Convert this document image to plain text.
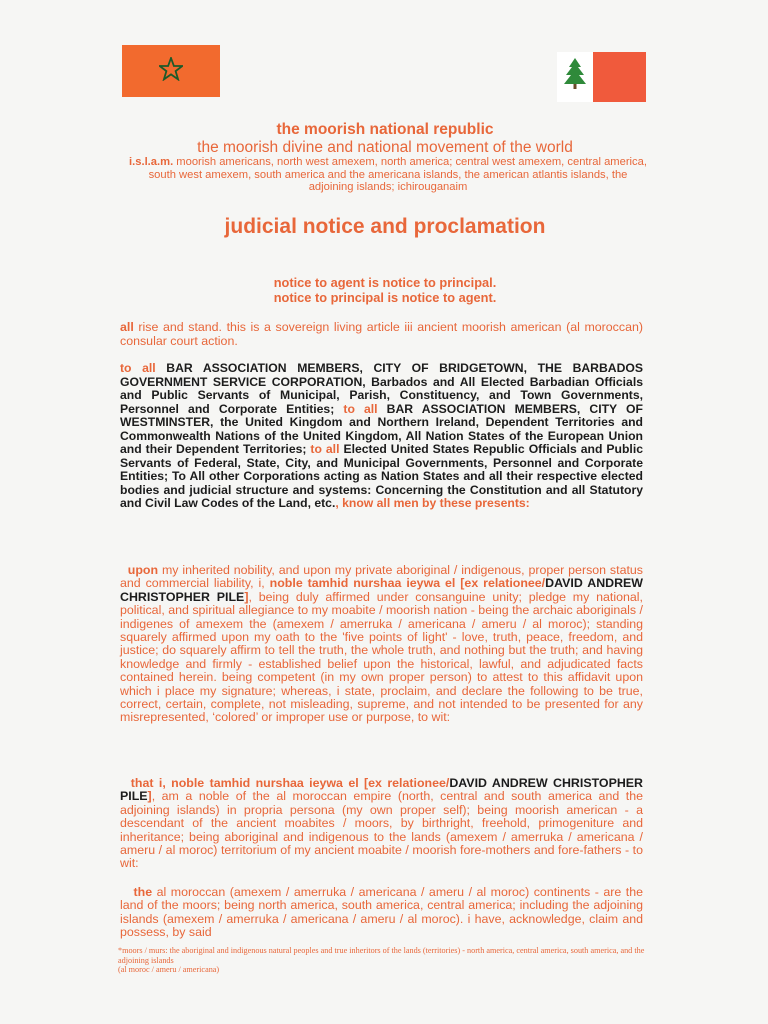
the moorish national republic
the moorish divine and national movement of the world
i.s.l.a.m. moorish americans, north west amexem, north america; central west amexem, central america, south west amexem, south america and the americana islands, the american atlantis islands, the adjoining islands; ichirouganaim
judicial notice and proclamation
notice to agent is notice to principal.
notice to principal is notice to agent.
all rise and stand. this is a sovereign living article iii ancient moorish american (al moroccan) consular court action.
to all BAR ASSOCIATION MEMBERS, CITY OF BRIDGETOWN, THE BARBADOS GOVERNMENT SERVICE CORPORATION, Barbados and All Elected Barbadian Officials and Public Servants of Municipal, Parish, Constituency, and Town Governments, Personnel and Corporate Entities; to all BAR ASSOCIATION MEMBERS, CITY OF WESTMINSTER, the United Kingdom and Northern Ireland, Dependent Territories and Commonwealth Nations of the United Kingdom, All Nation States of the European Union and their Dependent Territories; to all Elected United States Republic Officials and Public Servants of Federal, State, City, and Municipal Governments, Personnel and Corporate Entities; To All other Corporations acting as Nation States and all their respective elected bodies and judicial structure and systems: Concerning the Constitution and all Statutory and Civil Law Codes of the Land, etc., know all men by these presents:
upon my inherited nobility, and upon my private aboriginal / indigenous, proper person status and commercial liability, i, noble tamhid nurshaa ieywa el [ex relationee/DAVID ANDREW CHRISTOPHER PILE], being duly affirmed under consanguine unity; pledge my national, political, and spiritual allegiance to my moabite / moorish nation - being the archaic aboriginals / indigenes of amexem the (amexem / amerruka / americana / ameru / al moroc); standing squarely affirmed upon my oath to the 'five points of light' - love, truth, peace, freedom, and justice; do squarely affirm to tell the truth, the whole truth, and nothing but the truth; and having knowledge and firmly - established belief upon the historical, lawful, and adjudicated facts contained herein. being competent (in my own proper person) to attest to this affidavit upon which i place my signature; whereas, i state, proclaim, and declare the following to be true, correct, certain, complete, not misleading, supreme, and not intended to be presented for any misrepresented, ‘colored’ or improper use or purpose, to wit:
that i, noble tamhid nurshaa ieywa el [ex relationee/DAVID ANDREW CHRISTOPHER PILE], am a noble of the al moroccan empire (north, central and south america and the adjoining islands) in propria persona (my own proper self); being moorish american - a descendant of the ancient moabites / moors, by birthright, freehold, primogeniture and inheritance; being aboriginal and indigenous to the lands (amexem / amerruka / americana / ameru / al moroc) territorium of my ancient moabite / moorish fore-mothers and fore-fathers - to wit:
the al moroccan (amexem / amerruka / americana / ameru / al moroc) continents - are the land of the moors; being north america, south america, central america; including the adjoining islands (amexem / amerruka / americana / ameru / al moroc). i have, acknowledge, claim and possess, by said
*moors / murs: the aboriginal and indigenous natural peoples and true inheritors of the lands (territories) - north america, central america, south america, and the adjoining islands
(al moroc / ameru / americana)
